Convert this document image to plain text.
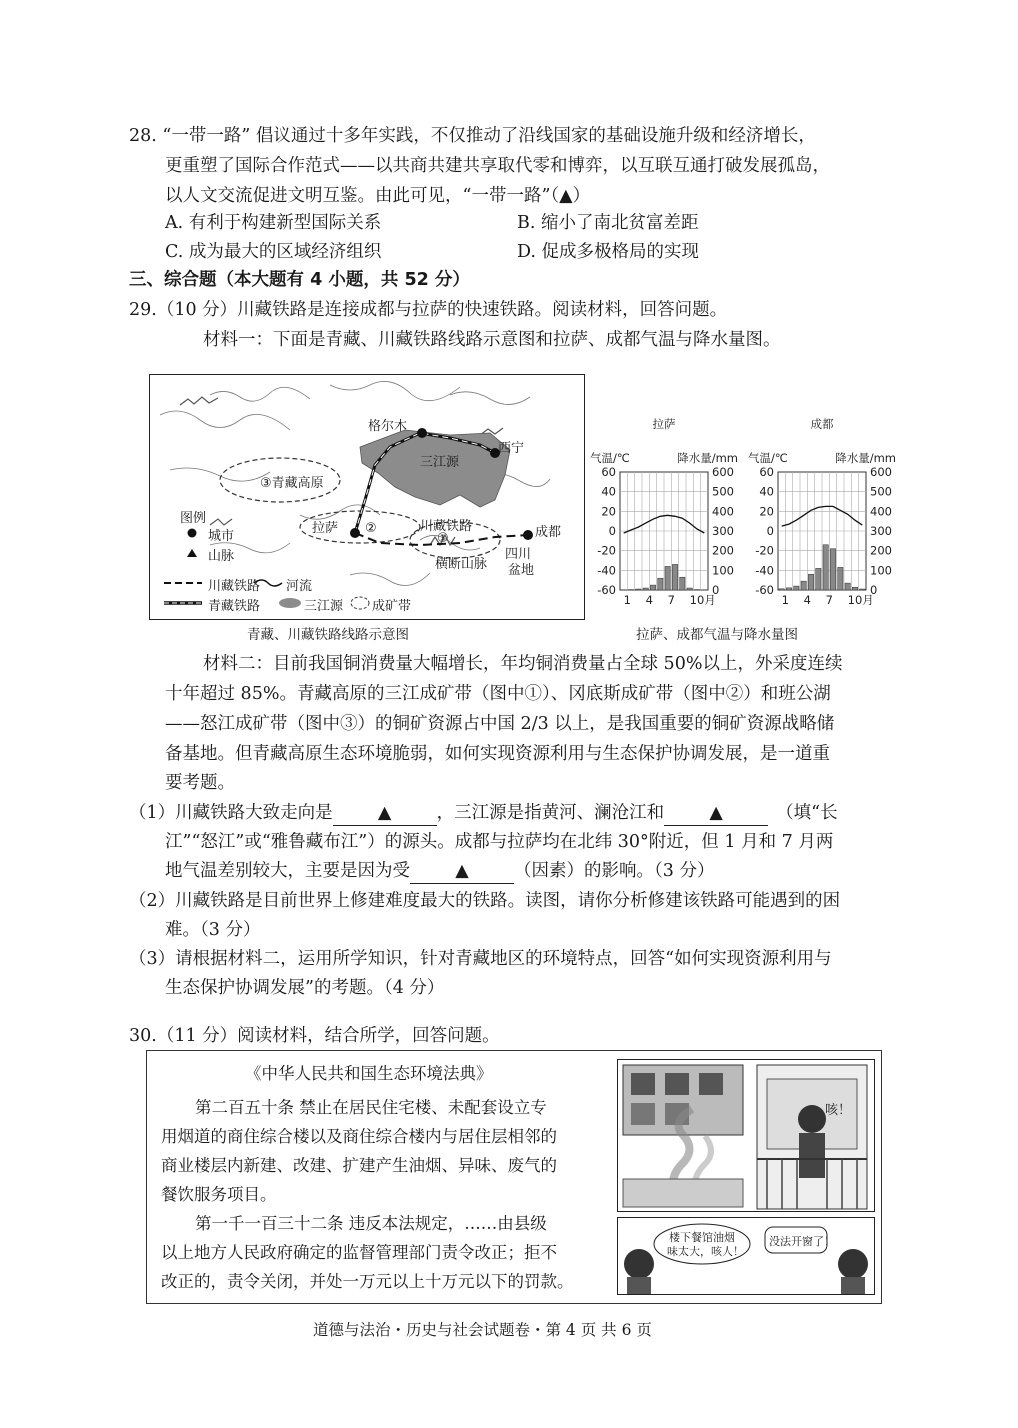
28. “一带一路” 倡议通过十多年实践，不仅推动了沿线国家的基础设施升级和经济增长，
更重塑了国际合作范式——以共商共建共享取代零和博弈，以互联互通打破发展孤岛，
以人文交流促进文明互鉴。由此可见，“一带一路”（▲）
A. 有利于构建新型国际关系	B. 缩小了南北贫富差距
C. 成为最大的区域经济组织	D. 促成多极格局的实现
三、综合题（本大题有 4 小题，共 52 分）
29.（10 分）川藏铁路是连接成都与拉萨的快速铁路。阅读材料，回答问题。
材料一：下面是青藏、川藏铁路线路示意图和拉萨、成都气温与降水量图。
格尔木
西宁
三江源
③青藏高原
拉萨 ②	川藏铁路
①	成都
横断山脉
四川
盆地
图例
城市
山脉
川藏铁路 河流
青藏铁路	三江源 成矿带
青藏、川藏铁路线路示意图
拉萨
气温/℃	降水量/mm
60
40
20
0
-20
-40
-60
600
500
400
300
200
100
0
1 4 7 10月
成都
气温/℃	降水量/mm
60
40
20
0
-20
-40
-60
600
500
400
300
200
100
0
1 4 7 10月
拉萨、成都气温与降水量图
材料二：目前我国铜消费量大幅增长，年均铜消费量占全球 50%以上，外采度连续
十年超过 85%。青藏高原的三江成矿带（图中①）、冈底斯成矿带（图中②）和班公湖
——怒江成矿带（图中③）的铜矿资源占中国 2/3 以上，是我国重要的铜矿资源战略储
备基地。但青藏高原生态环境脆弱，如何实现资源利用与生态保护协调发展，是一道重
要考题。
（1）川藏铁路大致走向是	▲	，三江源是指黄河、澜沧江和	▲	（填“长
江”“怒江”或“雅鲁藏布江”）的源头。成都与拉萨均在北纬 30°附近，但 1 月和 7 月两
地气温差别较大，主要是因为受	▲	（因素）的影响。（3 分）
（2）川藏铁路是目前世界上修建难度最大的铁路。读图，请你分析修建该铁路可能遇到的困
难。（3 分）
（3）请根据材料二，运用所学知识，针对青藏地区的环境特点，回答“如何实现资源利用与
生态保护协调发展”的考题。（4 分）
30.（11 分）阅读材料，结合所学，回答问题。
《中华人民共和国生态环境法典》
第二百五十条 禁止在居民住宅楼、未配套设立专
用烟道的商住综合楼以及商住综合楼内与居住层相邻的
商业楼层内新建、改建、扩建产生油烟、异味、废气的
餐饮服务项目。
第一千一百三十二条 违反本法规定，……由县级
以上地方人民政府确定的监督管理部门责令改正；拒不
改正的，责令关闭，并处一万元以上十万元以下的罚款。
咳！
楼下餐馆油烟
味太大，咳人！
没法开窗了！
道德与法治・历史与社会试题卷・第 4 页 共 6 页
